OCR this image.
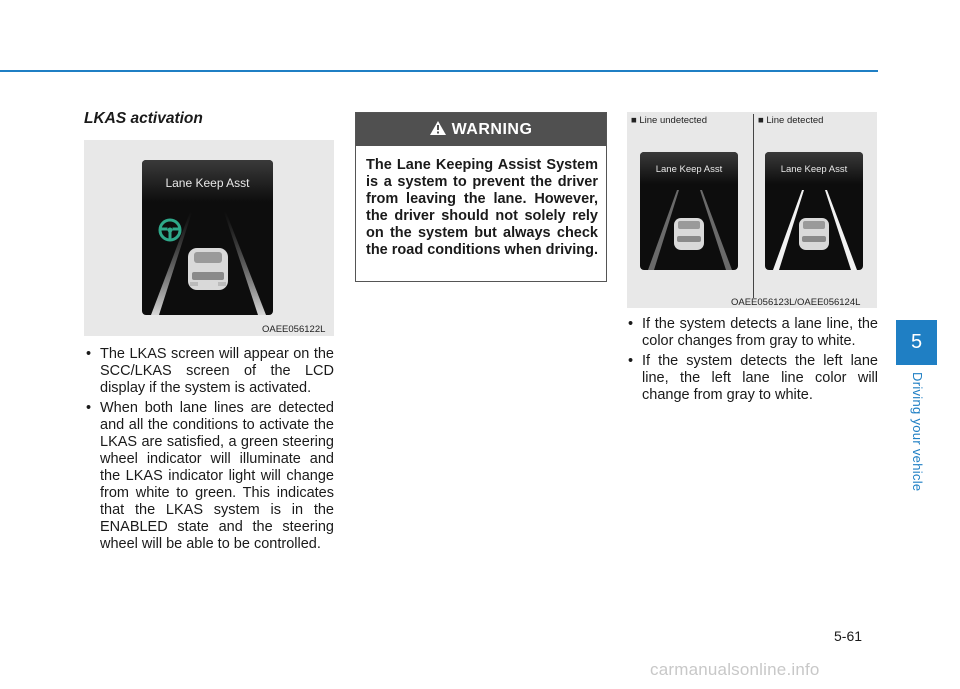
LKAS activation
Lane Keep Asst
OAEE056122L
• The LKAS screen will appear on the SCC/LKAS screen of the LCD display if the system is activated.
• When both lane lines are detected and all the conditions to activate the LKAS are satisfied, a green steering wheel indicator will illuminate and the LKAS indicator light will change from white to green. This indicates that the LKAS system is in the ENABLED state and the steering wheel will be able to be controlled.
WARNING
The Lane Keeping Assist System is a system to prevent the driver from leaving the lane. However, the driver should not solely rely on the system but always check the road conditions when driving.
■ Line undetected	■ Line detected
Lane Keep Asst	Lane Keep Asst
OAEE056123L/OAEE056124L
• If the system detects a lane line, the color changes from gray to white.
• If the system detects the left lane line, the left lane line color will change from gray to white.
5
Driving your vehicle
5-61
carmanualsonline.info
